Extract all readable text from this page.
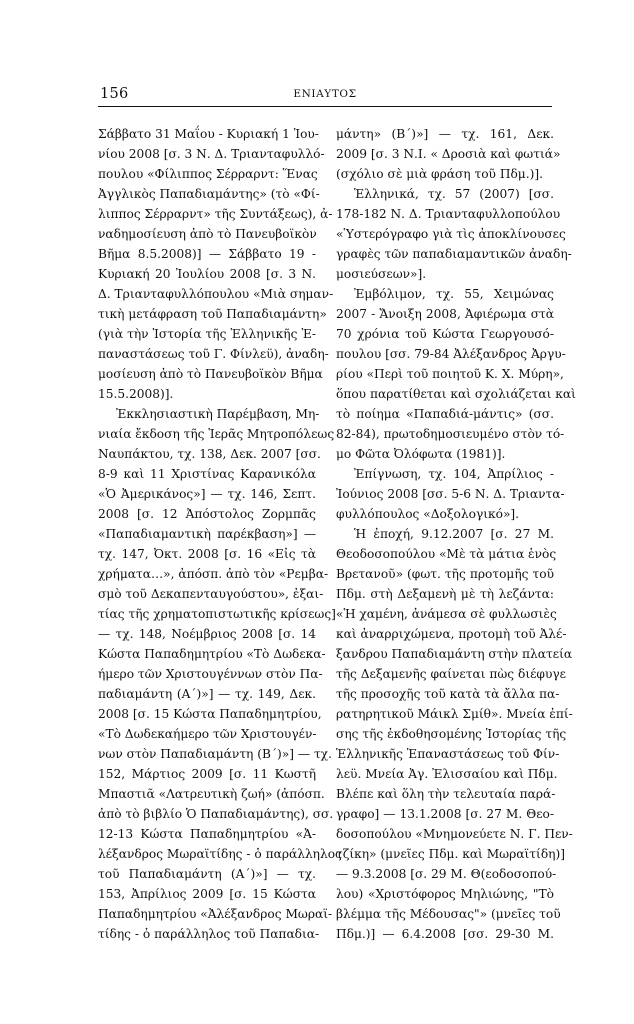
156	ΕΝΙΑΥΤΟΣ
Σάββατο 31 Μαΐου - Κυριακή 1 Ἰου-
νίου 2008 [σ. 3 Ν. Δ. Τριανταφυλλό-
πουλου «Φίλιππος Σέρραρντ: Ἕνας
Ἀγγλικὸς Παπαδιαμάντης» (τὸ «Φί-
λιππος Σέρραρντ» τῆς Συντάξεως), ἀ-
ναδημοσίευση ἀπὸ τὸ Πανευβοϊκὸν
Βῆμα 8.5.2008)] — Σάββατο 19 -
Κυριακή 20 Ἰουλίου 2008 [σ. 3 Ν.
Δ. Τριανταφυλλόπουλου «Μιὰ σημαν-
τικὴ μετάφραση τοῦ Παπαδιαμάντη»
(γιὰ τὴν Ἱστορία τῆς Ἑλληνικῆς Ἐ-
παναστάσεως τοῦ Γ. Φίνλεϋ), ἀναδη-
μοσίευση ἀπὸ τὸ Πανευβοϊκὸν Βῆμα
15.5.2008)].
Ἐκκλησιαστικὴ Παρέμβαση, Μη-
νιαία ἔκδοση τῆς Ἱερᾶς Μητροπόλεως
Ναυπάκτου, τχ. 138, Δεκ. 2007 [σσ.
8-9 καὶ 11 Χριστίνας Καρανικόλα
«Ὁ Ἀμερικάνος»] — τχ. 146, Σεπτ.
2008 [σ. 12 Ἀπόστολος Ζορμπᾶς
«Παπαδιαμαντικὴ παρέκβαση»] —
τχ. 147, Ὀκτ. 2008 [σ. 16 «Εἰς τὰ
χρήματα…», ἀπόσπ. ἀπὸ τὸν «Ρεμβα-
σμὸ τοῦ Δεκαπενταυγούστου», ἐξαι-
τίας τῆς χρηματοπιστωτικῆς κρίσεως]
— τχ. 148, Νοέμβριος 2008 [σ. 14
Κώστα Παπαδημητρίου «Τὸ Δωδεκα-
ήμερο τῶν Χριστουγέννων στὸν Πα-
παδιαμάντη (Α΄)»] — τχ. 149, Δεκ.
2008 [σ. 15 Κώστα Παπαδημητρίου,
«Τὸ Δωδεκαήμερο τῶν Χριστουγέν-
νων στὸν Παπαδιαμάντη (Β΄)»] — τχ.
152, Μάρτιος 2009 [σ. 11 Κωστῆ
Μπαστιᾶ «Λατρευτικὴ ζωή» (ἀπόσπ.
ἀπὸ τὸ βιβλίο Ὁ Παπαδιαμάντης), σσ.
12-13 Κώστα Παπαδημητρίου «Ἀ-
λέξανδρος Μωραϊτίδης - ὁ παράλληλος
τοῦ Παπαδιαμάντη (Α΄)»] — τχ.
153, Ἀπρίλιος 2009 [σ. 15 Κώστα
Παπαδημητρίου «Ἀλέξανδρος Μωραϊ-
τίδης - ὁ παράλληλος τοῦ Παπαδια-
μάντη» (Β΄)»] — τχ. 161, Δεκ.
2009 [σ. 3 Ν.Ι. « Δροσιὰ καὶ φωτιά»
(σχόλιο σὲ μιὰ φράση τοῦ Πδμ.)].
Ἑλληνικά, τχ. 57 (2007) [σσ.
178-182 Ν. Δ. Τριανταφυλλοπούλου
«Ὑστερόγραφο γιὰ τὶς ἀποκλίνουσες
γραφὲς τῶν παπαδιαμαντικῶν ἀναδη-
μοσιεύσεων»].
Ἐμβόλιμον, τχ. 55, Χειμώνας
2007 - Ἄνοιξη 2008, Ἀφιέρωμα στὰ
70 χρόνια τοῦ Κώστα Γεωργουσό-
πουλου [σσ. 79-84 Ἀλέξανδρος Ἀργυ-
ρίου «Περὶ τοῦ ποιητοῦ Κ. Χ. Μύρη»,
ὅπου παρατίθεται καὶ σχολιάζεται καὶ
τὸ ποίημα «Παπαδιά-μάντις» (σσ.
82-84), πρωτοδημοσιευμένο στὸν τό-
μο Φῶτα Ὀλόφωτα (1981)].
Ἐπίγνωση, τχ. 104, Ἀπρίλιος -
Ἰούνιος 2008 [σσ. 5-6 Ν. Δ. Τριαντα-
φυλλόπουλος «Δοξολογικό»].
Ἡ ἐποχή, 9.12.2007 [σ. 27 Μ.
Θεοδοσοπούλου «Μὲ τὰ μάτια ἑνὸς
Βρετανοῦ» (φωτ. τῆς προτομῆς τοῦ
Πδμ. στὴ Δεξαμενὴ μὲ τὴ λεζάντα:
«Ἡ χαμένη, ἀνάμεσα σὲ φυλλωσιὲς
καὶ ἀναρριχώμενα, προτομὴ τοῦ Ἀλέ-
ξανδρου Παπαδιαμάντη στὴν πλατεία
τῆς Δεξαμενῆς φαίνεται πὼς διέφυγε
τῆς προσοχῆς τοῦ κατὰ τὰ ἄλλα πα-
ρατηρητικοῦ Μάικλ Σμίθ». Μνεία ἐπί-
σης τῆς ἐκδοθησομένης Ἱστορίας τῆς
Ἑλληνικῆς Ἐπαναστάσεως τοῦ Φίν-
λεϋ. Μνεία Ἀγ. Ἐλισσαίου καὶ Πδμ.
Βλέπε καὶ ὅλη τὴν τελευταία παρά-
γραφο] — 13.1.2008 [σ. 27 Μ. Θεο-
δοσοπούλου «Μνημονεύετε Ν. Γ. Πεν-
τζίκη» (μνεῖες Πδμ. καὶ Μωραϊτίδη)]
— 9.3.2008 [σ. 29 Μ. Θ(εοδοσοπού-
λου) «Χριστόφορος Μηλιώνης, "Τὸ
βλέμμα τῆς Μέδουσας"» (μνεῖες τοῦ
Πδμ.)] — 6.4.2008 [σσ. 29-30 Μ.
